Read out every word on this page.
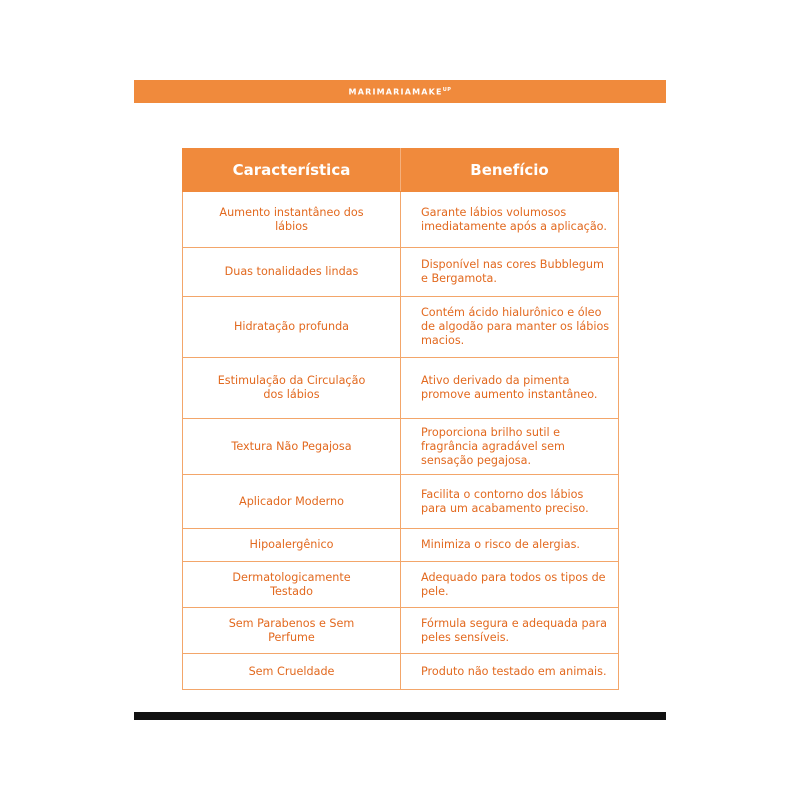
$MARIMARIAMAKE^{UP}$
Característica	Benefício
Aumento instantâneo dos lábios	Garante lábios volumosos imediatamente após a aplicação.
Duas tonalidades lindas	Disponível nas cores Bubblegum e Bergamota.
Hidratação profunda	Contém ácido hialurônico e óleo de algodão para manter os lábios macios.
Estimulação da Circulação dos lábios	Ativo derivado da pimenta promove aumento instantâneo.
Textura Não Pegajosa	Proporciona brilho sutil e fragrância agradável sem sensação pegajosa.
Aplicador Moderno	Facilita o contorno dos lábios para um acabamento preciso.
Hipoalergênico	Minimiza o risco de alergias.
Dermatologicamente Testado	Adequado para todos os tipos de pele.
Sem Parabenos e Sem Perfume	Fórmula segura e adequada para peles sensíveis.
Sem Crueldade	Produto não testado em animais.
